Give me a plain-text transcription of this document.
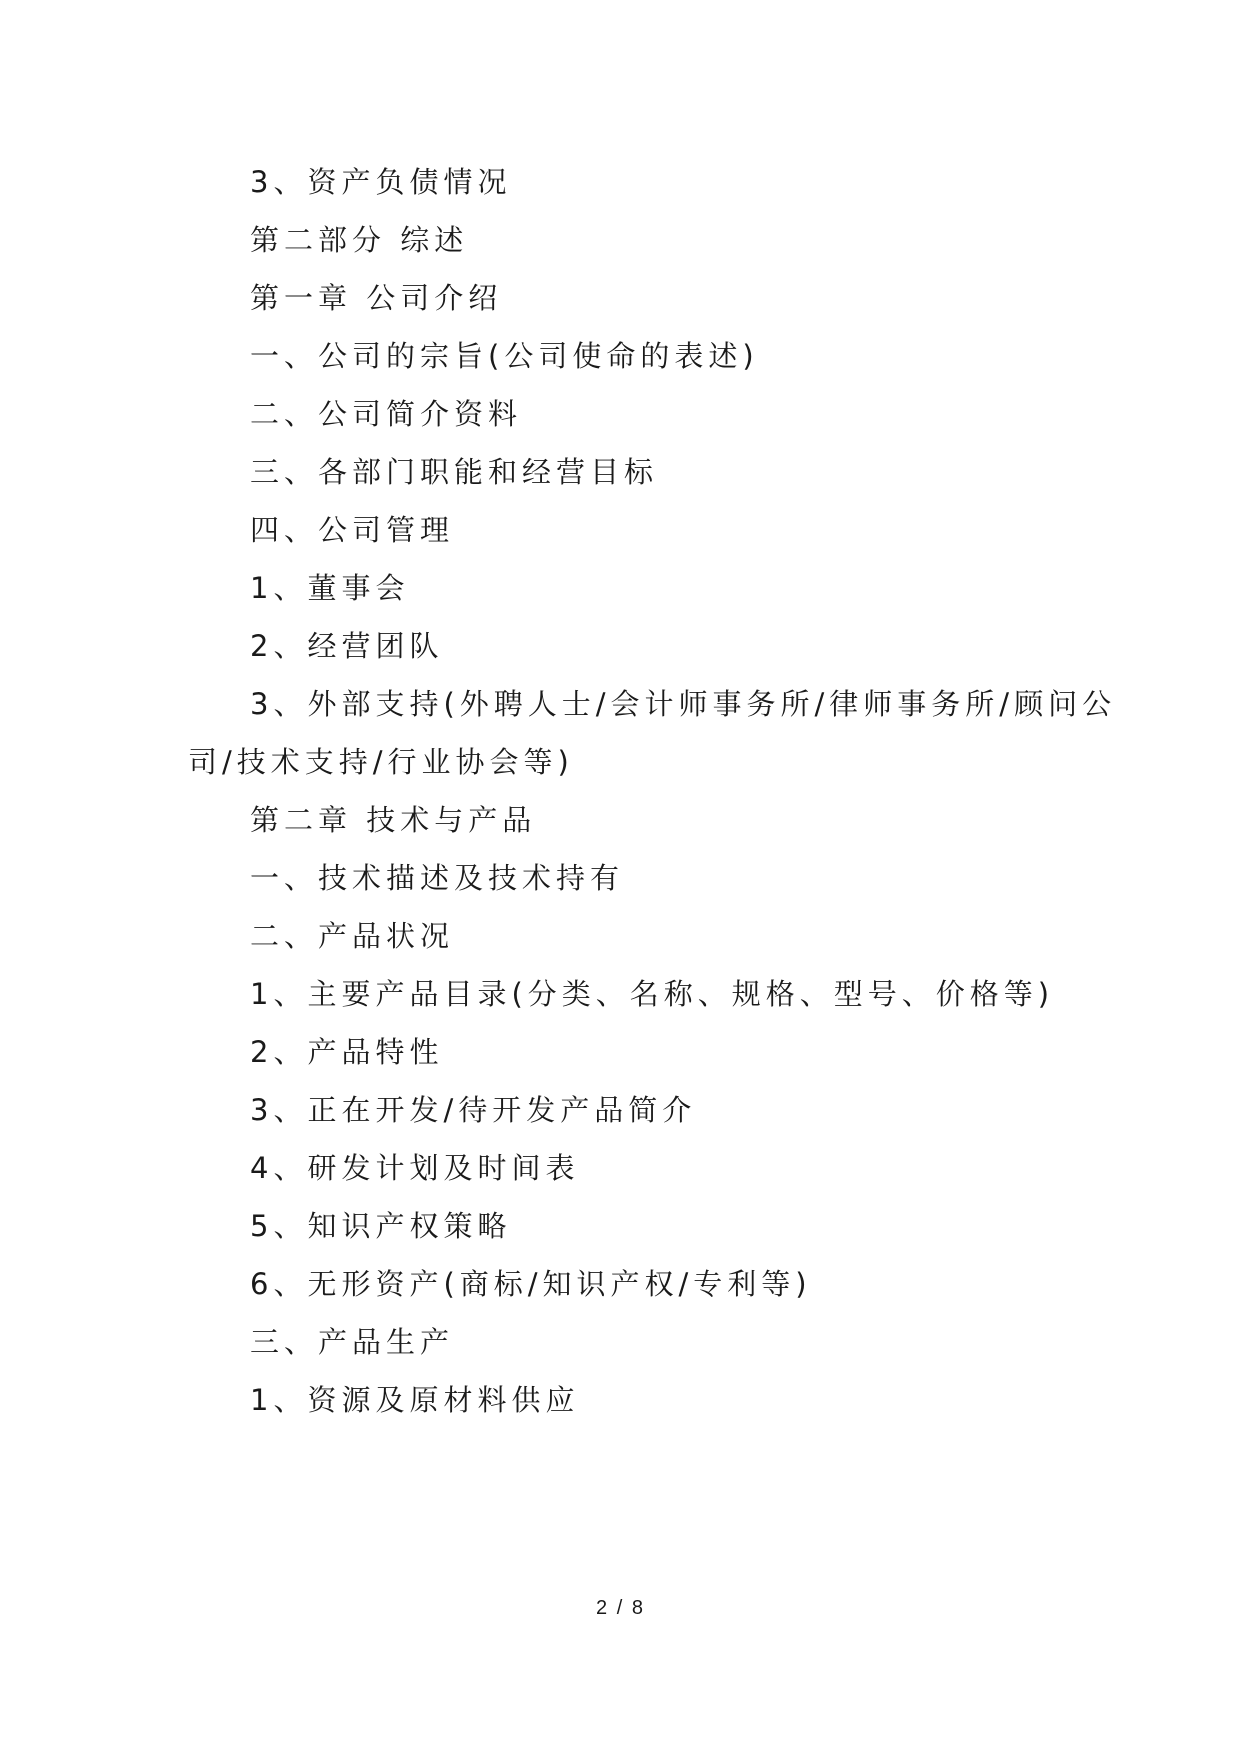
3、资产负债情况
第二部分 综述
第一章 公司介绍
一、公司的宗旨(公司使命的表述)
二、公司简介资料
三、各部门职能和经营目标
四、公司管理
1、董事会
2、经营团队
3、外部支持(外聘人士/会计师事务所/律师事务所/顾问公
司/技术支持/行业协会等)
第二章 技术与产品
一、技术描述及技术持有
二、产品状况
1、主要产品目录(分类、名称、规格、型号、价格等)
2、产品特性
3、正在开发/待开发产品简介
4、研发计划及时间表
5、知识产权策略
6、无形资产(商标/知识产权/专利等)
三、产品生产
1、资源及原材料供应
2 / 8
